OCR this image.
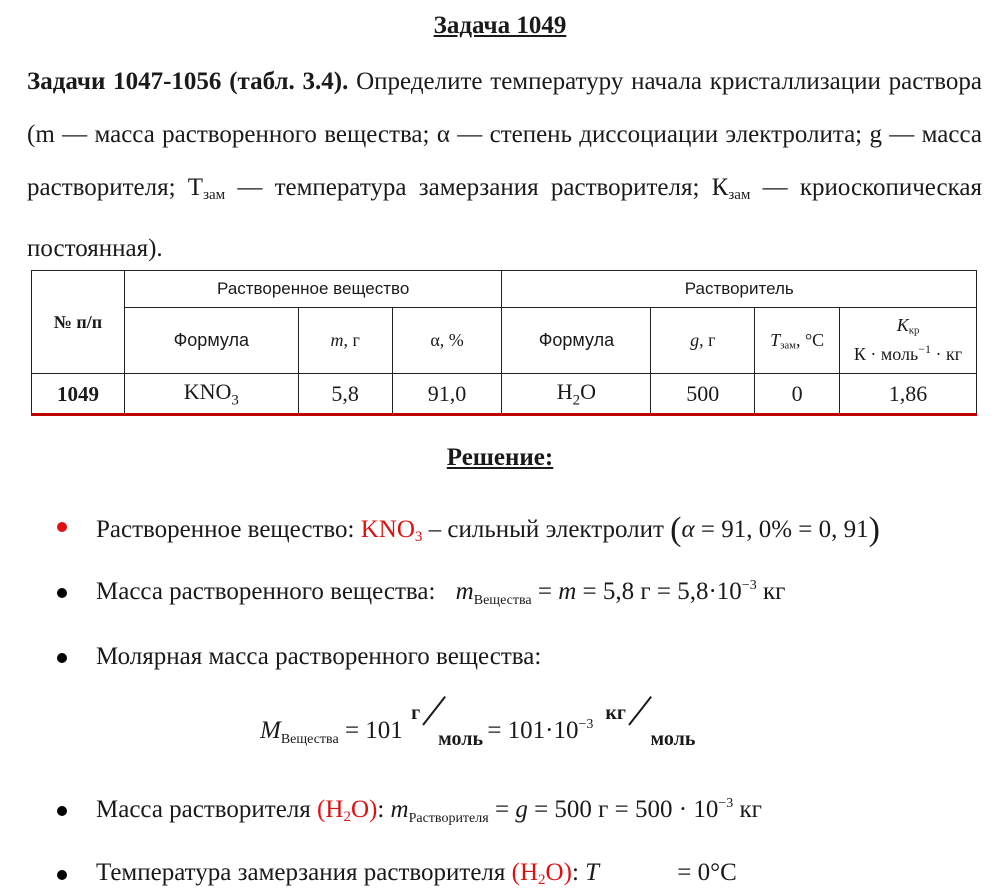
Задача 1049
Задачи 1047-1056 (табл. 3.4). Определите температуру начала кристаллизации раствора (m — масса растворенного вещества; α — степень диссоциации электролита; g — масса растворителя; $Т_{зам}$ — температура замерзания растворителя; $К_{зам}$ — криоскопическая постоянная).
№ п/п	Растворенное вещество			Растворитель			
	Формула	m, г	α, %	Формула	g, г	$T_{зам}$, °C	$K_{кр}$
К · моль$^{-1}$ · кг
1049	$KNO_3$	5,8	91,0	$H_2O$	500	0	1,86
Решение:
Растворенное вещество: $KNO_3$ – сильный электролит (α = 91, 0% = 0, 91)
Масса растворенного вещества: $m_{Вещества} = m = 5,8$ $г = 5,8\cdot 10^{-3}$ кг
Молярная масса растворенного вещества:
$M_{Вещества} = 101$
г
моль
= $101\cdot 10^{-3}$
кг
моль
Масса растворителя $(H_2O)$: $m_{Растворителя} = g = 500$ $г = 500 \cdot 10^{-3}$ кг
Температура замерзания растворителя $(H_2O)$: T	= 0°C
